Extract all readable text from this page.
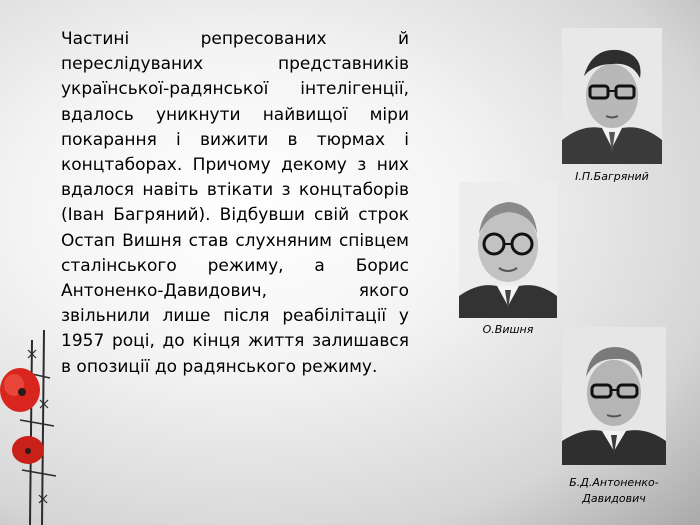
Частині репресованих й переслідуваних представників української-радянської інтелігенції, вдалось уникнути найвищої міри покарання і вижити в тюрмах і концтаборах. Причому декому з них вдалося навіть втікати з концтаборів (Іван Багряний). Відбувши свій строк Остап Вишня став слухняним співцем сталінського режиму, а Борис Антоненко-Давидович, якого звільнили лише після реабілітації у 1957 році, до кінця життя залишався в опозиції до радянського режиму.
І.П.Багряний
О.Вишня
Б.Д.Антоненко-Давидович
